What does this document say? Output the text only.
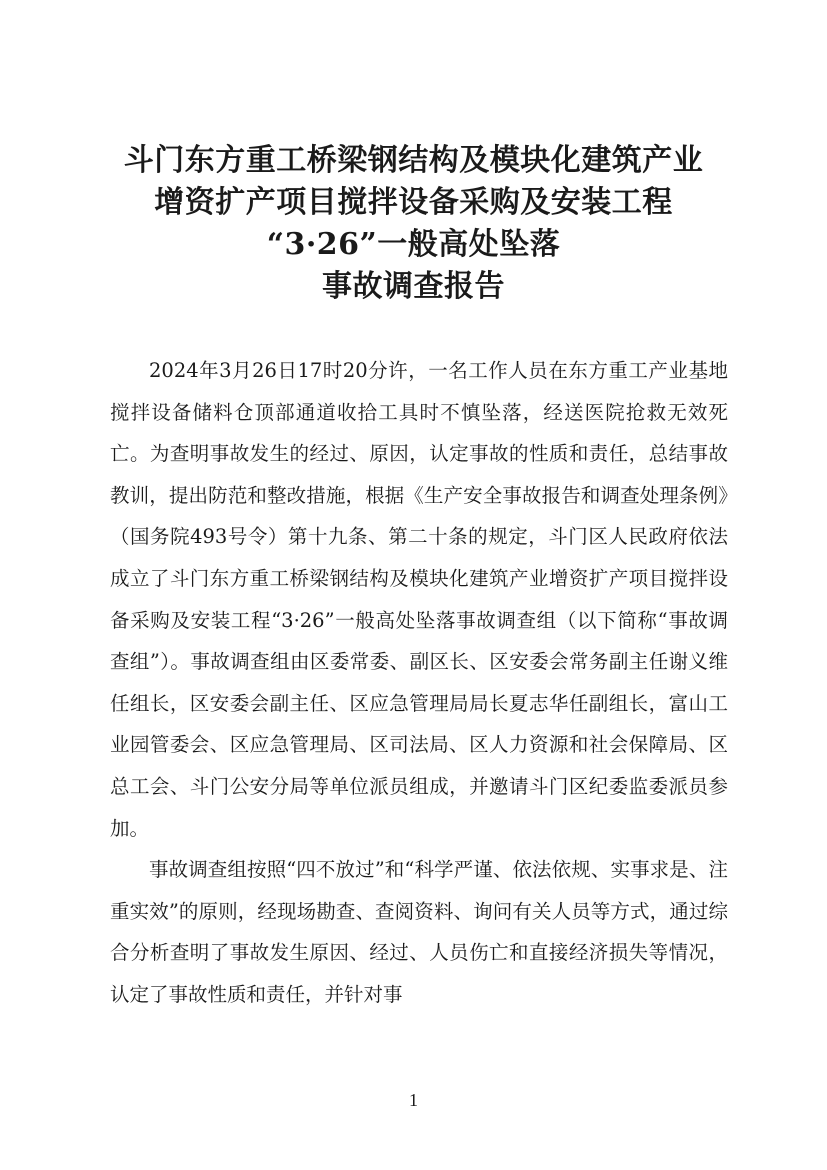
斗门东方重工桥梁钢结构及模块化建筑产业
增资扩产项目搅拌设备采购及安装工程
“3·26”一般高处坠落
事故调查报告

2024年3月26日17时20分许，一名工作人员在东方重工产业基地搅拌设备储料仓顶部通道收拾工具时不慎坠落，经送医院抢救无效死亡。为查明事故发生的经过、原因，认定事故的性质和责任，总结事故教训，提出防范和整改措施，根据《生产安全事故报告和调查处理条例》（国务院493号令）第十九条、第二十条的规定，斗门区人民政府依法成立了斗门东方重工桥梁钢结构及模块化建筑产业增资扩产项目搅拌设备采购及安装工程“3·26”一般高处坠落事故调查组（以下简称“事故调查组”）。事故调查组由区委常委、副区长、区安委会常务副主任谢义维任组长，区安委会副主任、区应急管理局局长夏志华任副组长，富山工业园管委会、区应急管理局、区司法局、区人力资源和社会保障局、区总工会、斗门公安分局等单位派员组成，并邀请斗门区纪委监委派员参加。

事故调查组按照“四不放过”和“科学严谨、依法依规、实事求是、注重实效”的原则，经现场勘查、查阅资料、询问有关人员等方式，通过综合分析查明了事故发生原因、经过、人员伤亡和直接经济损失等情况，认定了事故性质和责任，并针对事

1
